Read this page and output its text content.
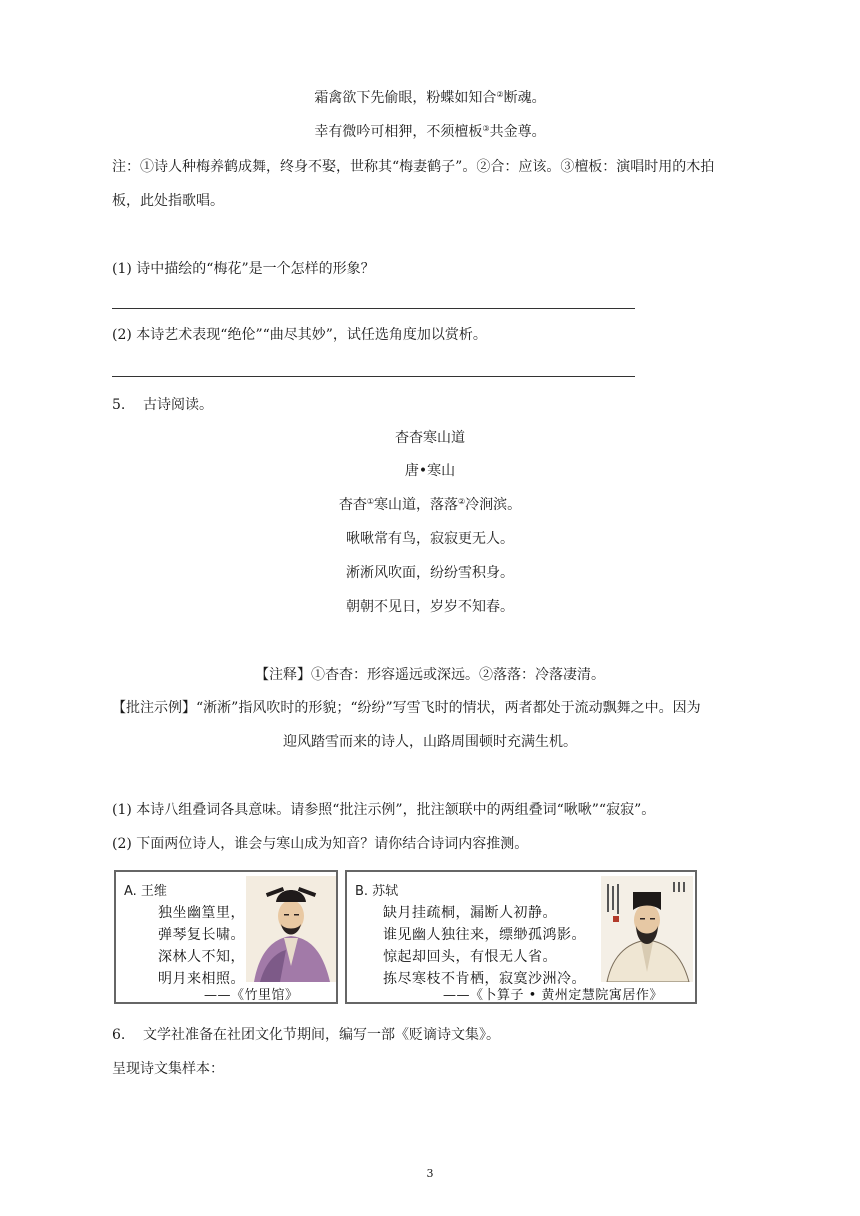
霜禽欲下先偷眼，粉蝶如知合②断魂。
幸有微吟可相狎，不须檀板③共金尊。
注：①诗人种梅养鹤成舞，终身不娶，世称其“梅妻鹤子”。②合：应该。③檀板：演唱时用的木拍
板，此处指歌唱。
(1) 诗中描绘的“梅花”是一个怎样的形象？
(2) 本诗艺术表现“绝伦”“曲尽其妙”，试任选角度加以赏析。
5. 古诗阅读。
杳杳寒山道
唐•寒山
杳杳①寒山道，落落②冷涧滨。
啾啾常有鸟，寂寂更无人。
淅淅风吹面，纷纷雪积身。
朝朝不见日，岁岁不知春。
【注释】①杳杳：形容遥远或深远。②落落：冷落凄清。
【批注示例】“淅淅”指风吹时的形貌；“纷纷”写雪飞时的情状，两者都处于流动飘舞之中。因为
迎风踏雪而来的诗人，山路周围顿时充满生机。
(1) 本诗八组叠词各具意味。请参照“批注示例”，批注颔联中的两组叠词“啾啾”“寂寂”。
(2) 下面两位诗人，谁会与寒山成为知音？请你结合诗词内容推测。
A. 王维
独坐幽篁里，
弹琴复长啸。
深林人不知，
明月来相照。
——《竹里馆》
B. 苏轼
缺月挂疏桐，漏断人初静。
谁见幽人独往来，缥缈孤鸿影。
惊起却回头，有恨无人省。
拣尽寒枝不肯栖，寂寞沙洲冷。
——《卜算子 • 黄州定慧院寓居作》
6. 文学社准备在社团文化节期间，编写一部《贬谪诗文集》。
呈现诗文集样本：
3
